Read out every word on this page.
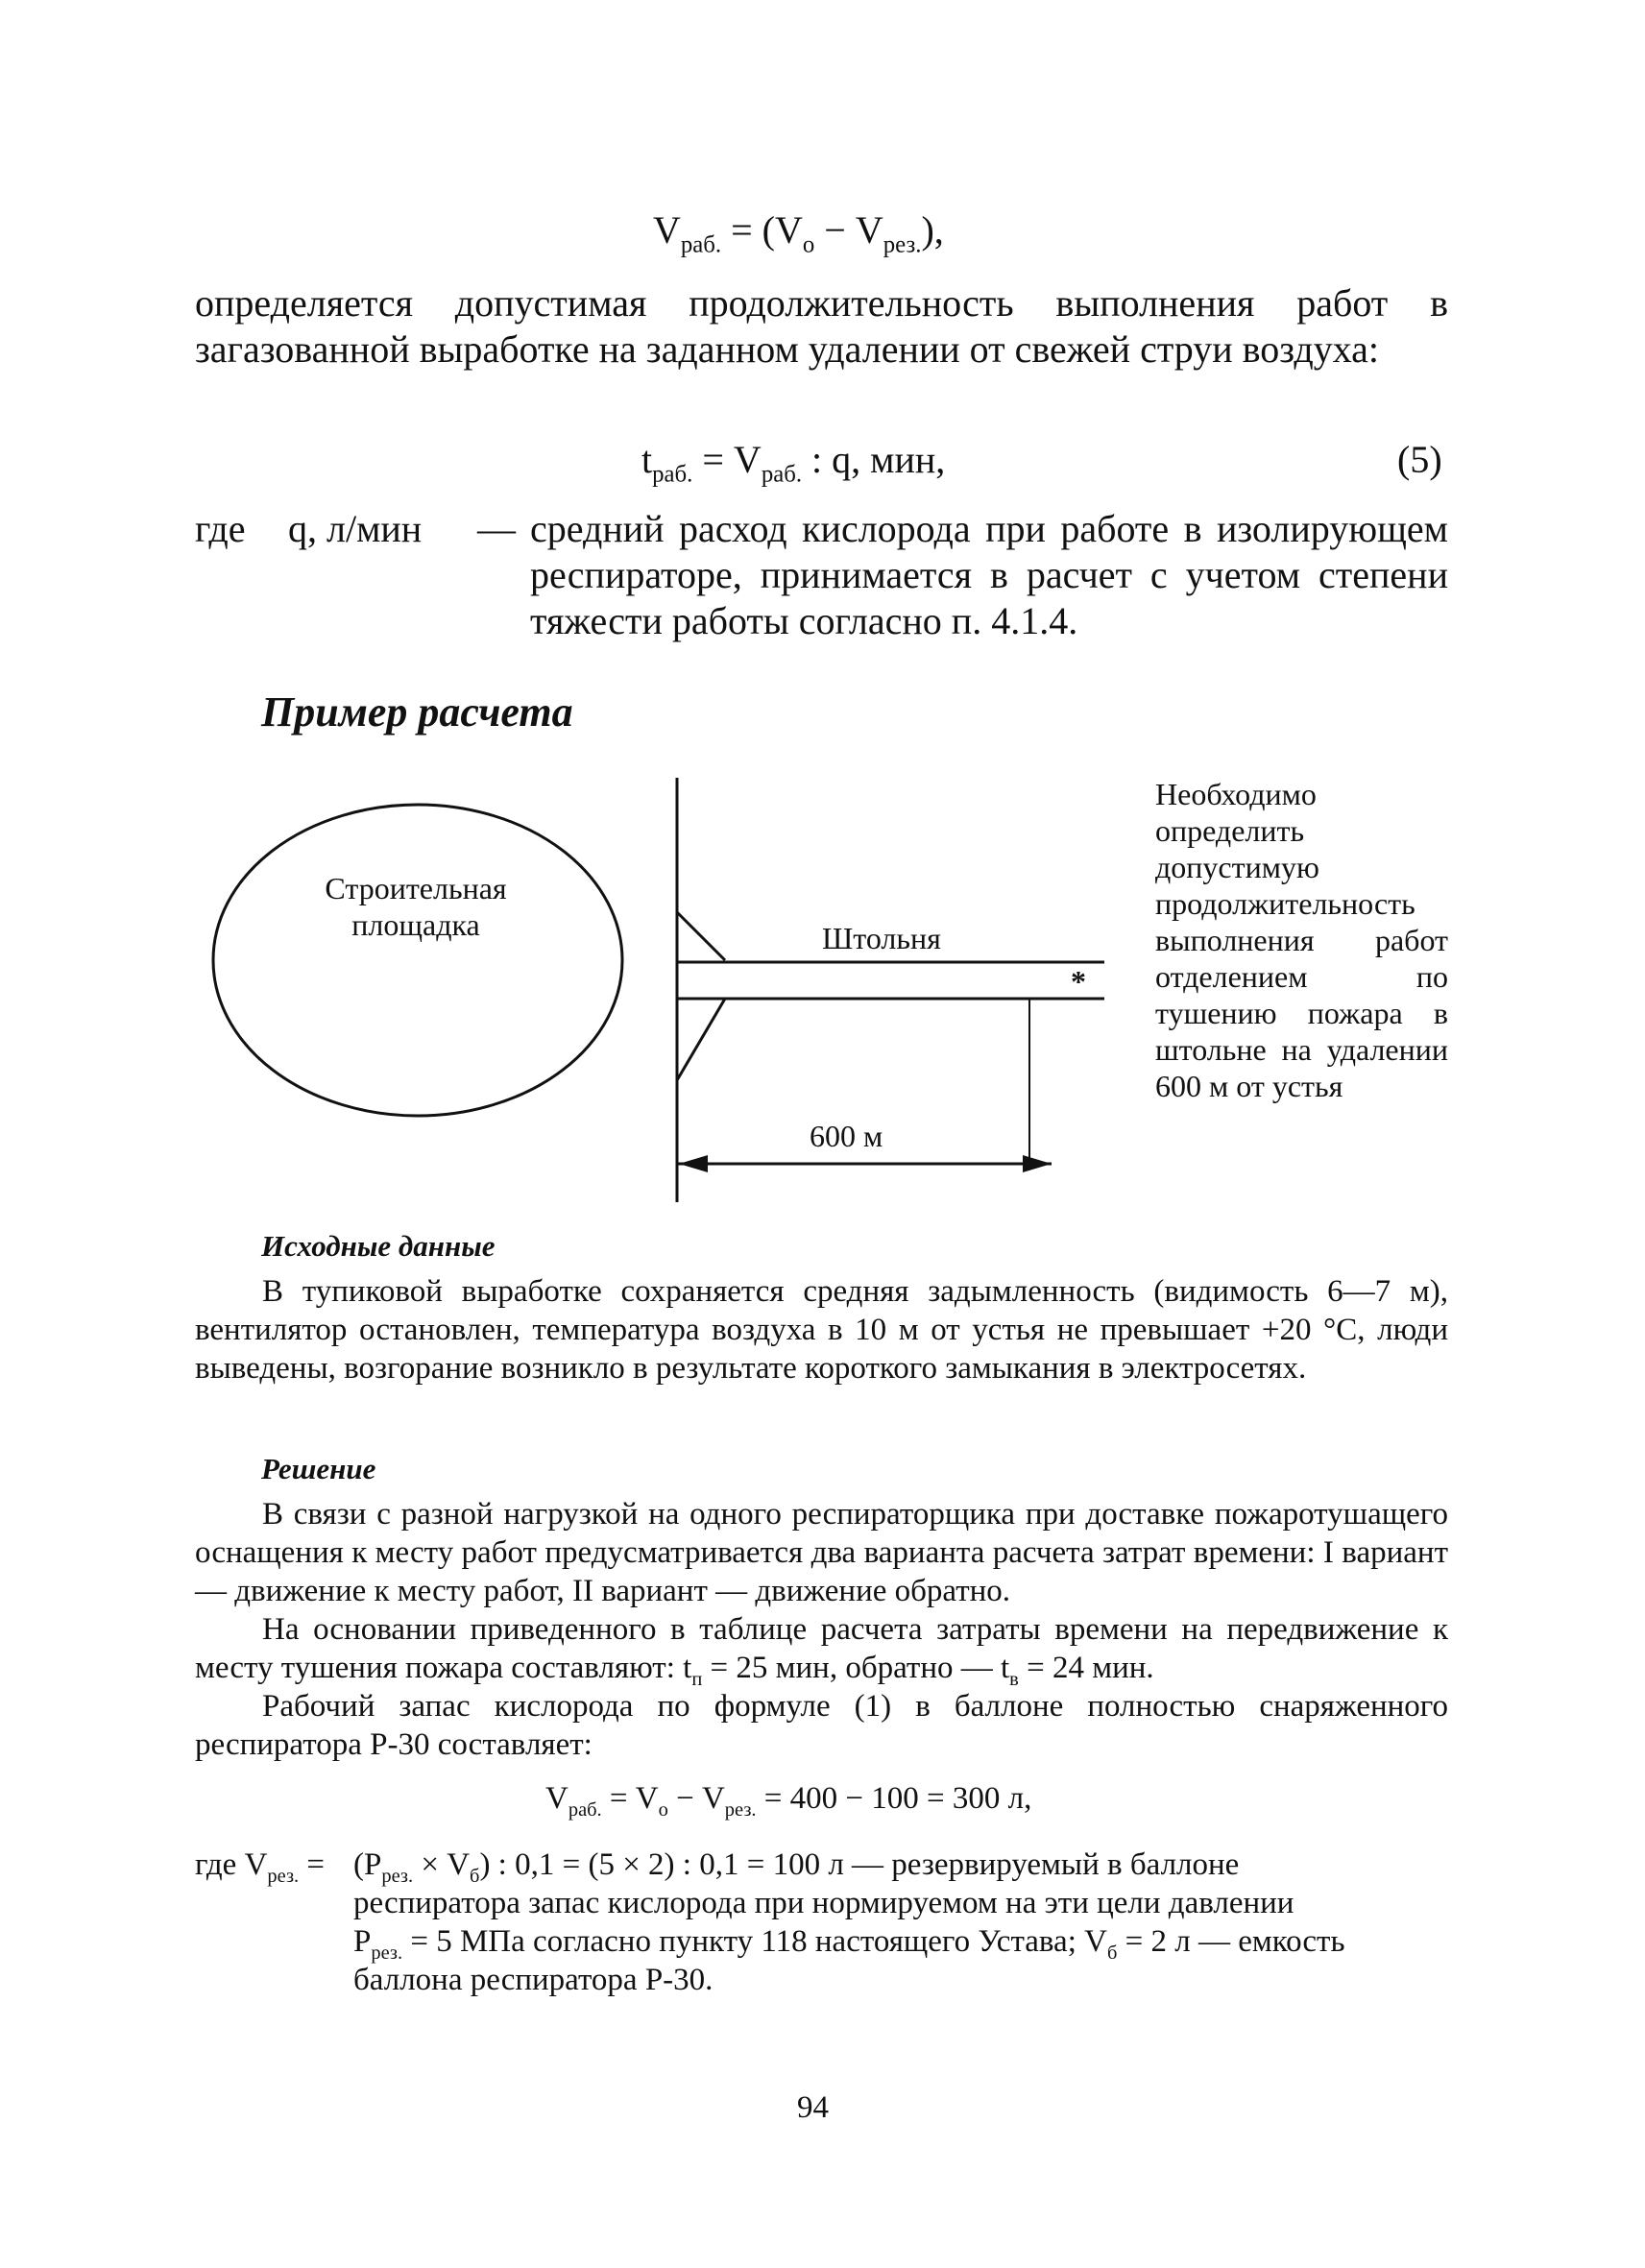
$V_{раб.} = (V_о - V_{рез.})$,

определяется допустимая продолжительность выполнения работ в загазованной выработке на заданном удалении от свежей струи воздуха:

$t_{раб.} = V_{раб.}$ : q, мин,	(5)
где q, л/мин — средний расход кислорода при работе в изолирующем респираторе, принимается в расчет с учетом степени тяжести работы согласно п. 4.1.4.

Пример расчета
Строительная
площадка	Штольня
*
600 м

Необходимо определить допустимую продолжительность выполнения работ отделением по тушению пожара в штольне на удалении 600 м от устья

Исходные данные

В тупиковой выработке сохраняется средняя задымленность (видимость 6—7 м), вентилятор остановлен, температура воздуха в 10 м от устья не превышает +20 °С, люди выведены, возгорание возникло в результате короткого замыкания в электросетях.

Решение

В связи с разной нагрузкой на одного респираторщика при доставке пожаротушащего оснащения к месту работ предусматривается два варианта расчета затрат времени: I вариант — движение к месту работ, II вариант — движение обратно.

На основании приведенного в таблице расчета затраты времени на передвижение к месту тушения пожара составляют: $t_п = 25$ мин, обратно — $t_в = 24$ мин.

Рабочий запас кислорода по формуле (1) в баллоне полностью снаряженного респиратора Р-30 составляет:

$V_{раб.} = V_о - V_{рез.} = 400 - 100 = 300$ л,
где $V_{рез.} = (P_{рез.} \times V_б)$ : 0,1 = (5 × 2) : 0,1 = 100 л — резервируемый в баллоне
респиратора запас кислорода при нормируемом на эти цели давлении
$P_{рез.} = 5$ МПа согласно пункту 118 настоящего Устава; $V_б = 2$ л — емкость
баллона респиратора Р-30.
94
